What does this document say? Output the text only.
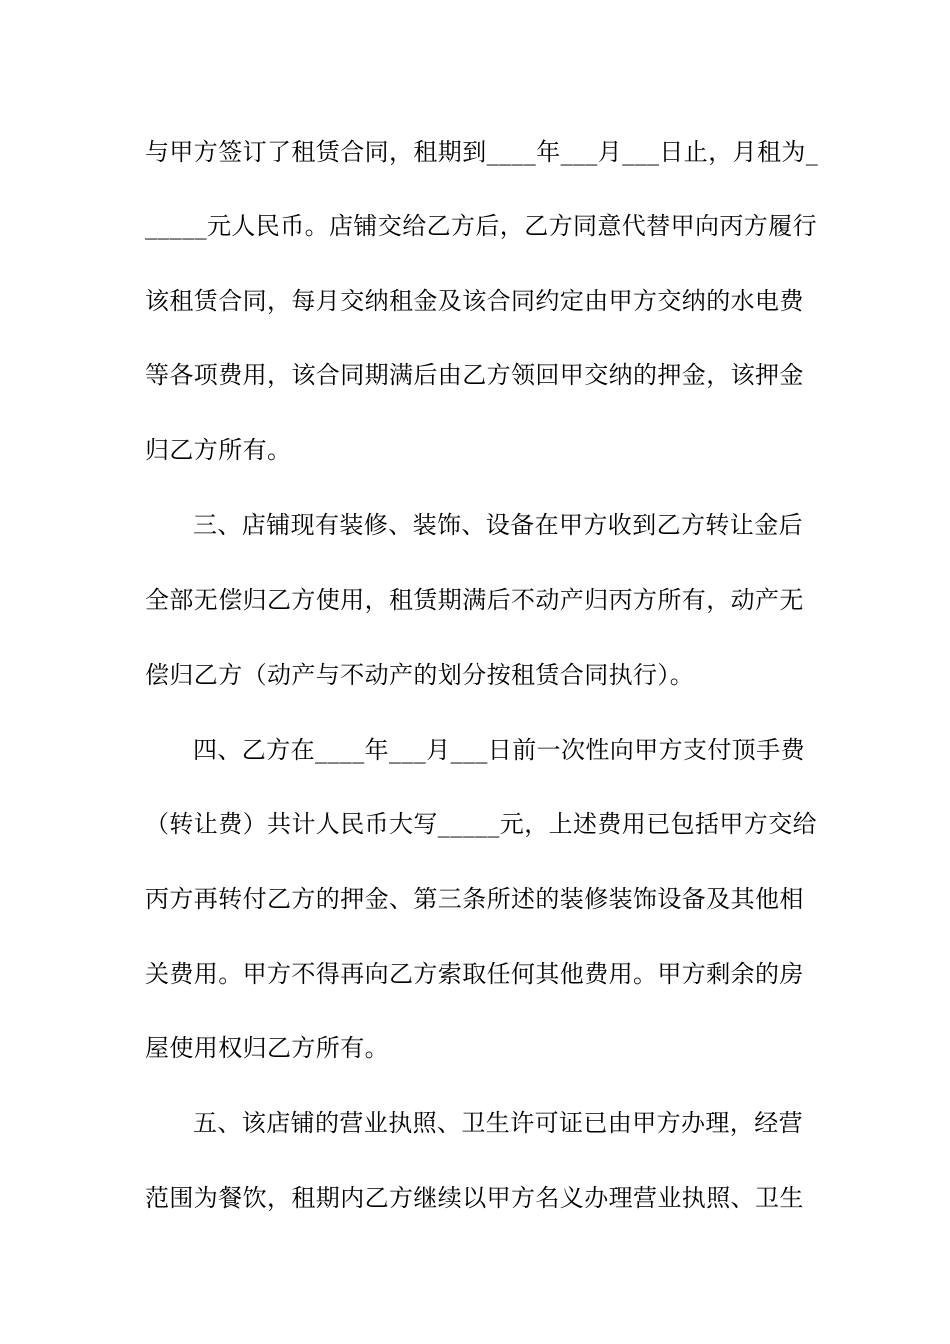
与甲方签订了租赁合同，租期到____年___月___日止，月租为_
_____元人民币。店铺交给乙方后，乙方同意代替甲向丙方履行
该租赁合同，每月交纳租金及该合同约定由甲方交纳的水电费
等各项费用，该合同期满后由乙方领回甲交纳的押金，该押金
归乙方所有。
三、店铺现有装修、装饰、设备在甲方收到乙方转让金后
全部无偿归乙方使用，租赁期满后不动产归丙方所有，动产无
偿归乙方（动产与不动产的划分按租赁合同执行）。
四、乙方在____年___月___日前一次性向甲方支付顶手费
（转让费）共计人民币大写_____元，上述费用已包括甲方交给
丙方再转付乙方的押金、第三条所述的装修装饰设备及其他相
关费用。甲方不得再向乙方索取任何其他费用。甲方剩余的房
屋使用权归乙方所有。
五、该店铺的营业执照、卫生许可证已由甲方办理，经营
范围为餐饮，租期内乙方继续以甲方名义办理营业执照、卫生
